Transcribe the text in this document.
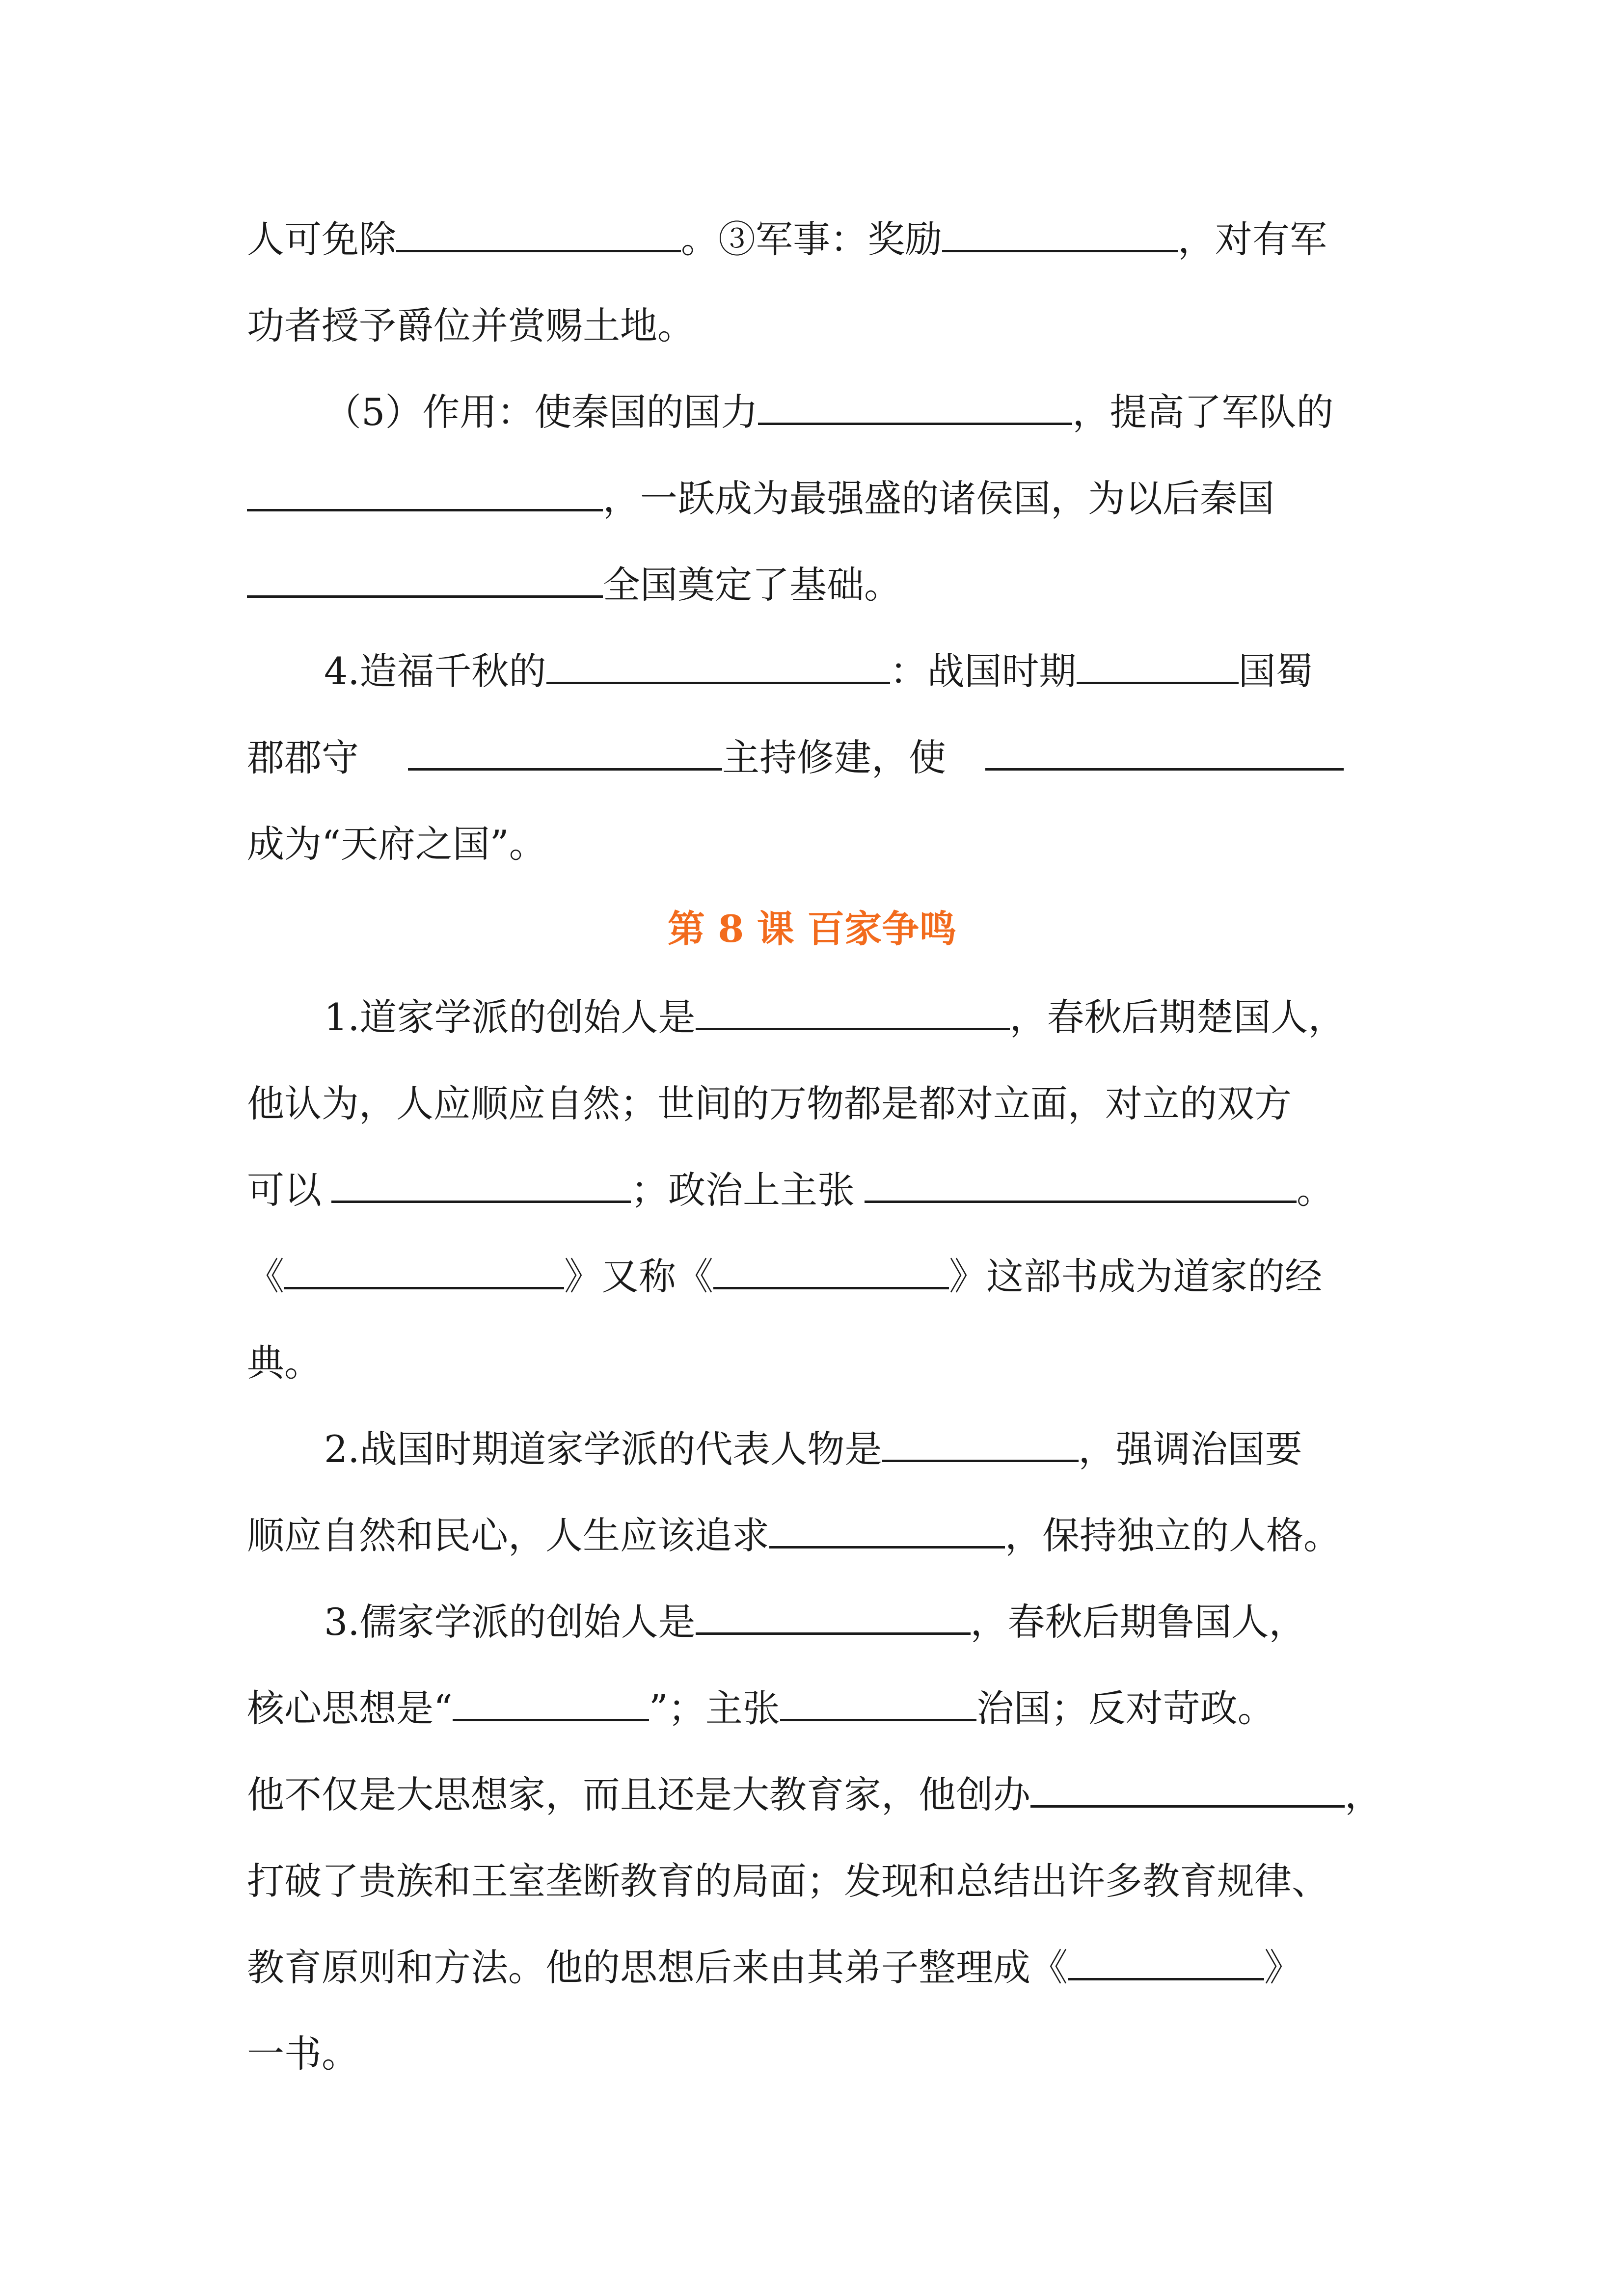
人可免除	。③军事：奖励	，对有军
功者授予爵位并赏赐土地。
（5）作用：使秦国的国力	，提高了军队的
，一跃成为最强盛的诸侯国，为以后秦国
全国奠定了基础。
4.造福千秋的	：战国时期	国蜀
郡郡守	主持修建，使
成为“天府之国”。
第 8 课 百家争鸣
1.道家学派的创始人是	，春秋后期楚国人，
他认为，人应顺应自然；世间的万物都是都对立面，对立的双方
可以	；政治上主张	。
《	》又称《	》这部书成为道家的经
典。
2.战国时期道家学派的代表人物是	，强调治国要
顺应自然和民心，人生应该追求	，保持独立的人格。
3.儒家学派的创始人是	，春秋后期鲁国人，
核心思想是“	”；主张	治国；反对苛政。
他不仅是大思想家，而且还是大教育家，他创办	，
打破了贵族和王室垄断教育的局面；发现和总结出许多教育规律、
教育原则和方法。他的思想后来由其弟子整理成《	》
一书。
